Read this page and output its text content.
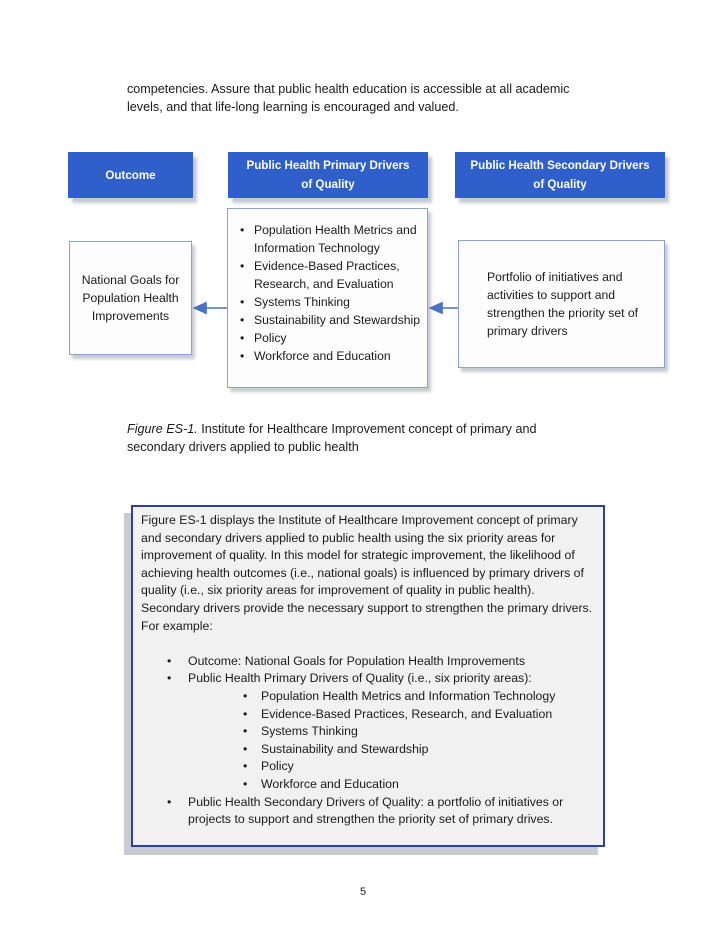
competencies. Assure that public health education is accessible at all academic levels, and that life-long learning is encouraged and valued.
Outcome
Public Health Primary Drivers
of Quality
Public Health Secondary Drivers
of Quality
National Goals for Population Health Improvements
• Population Health Metrics and Information Technology
• Evidence-Based Practices, Research, and Evaluation
• Systems Thinking
• Sustainability and Stewardship
• Policy
• Workforce and Education
Portfolio of initiatives and activities to support and strengthen the priority set of primary drivers
Figure ES-1. Institute for Healthcare Improvement concept of primary and secondary drivers applied to public health

Figure ES-1 displays the Institute of Healthcare Improvement concept of primary and secondary drivers applied to public health using the six priority areas for improvement of quality. In this model for strategic improvement, the likelihood of achieving health outcomes (i.e., national goals) is influenced by primary drivers of quality (i.e., six priority areas for improvement of quality in public health). Secondary drivers provide the necessary support to strengthen the primary drivers. For example:

• Outcome: National Goals for Population Health Improvements
• Public Health Primary Drivers of Quality (i.e., six priority areas):
• Population Health Metrics and Information Technology
• Evidence-Based Practices, Research, and Evaluation
• Systems Thinking
• Sustainability and Stewardship
• Policy
• Workforce and Education
• Public Health Secondary Drivers of Quality: a portfolio of initiatives or projects to support and strengthen the priority set of primary drives.
5
